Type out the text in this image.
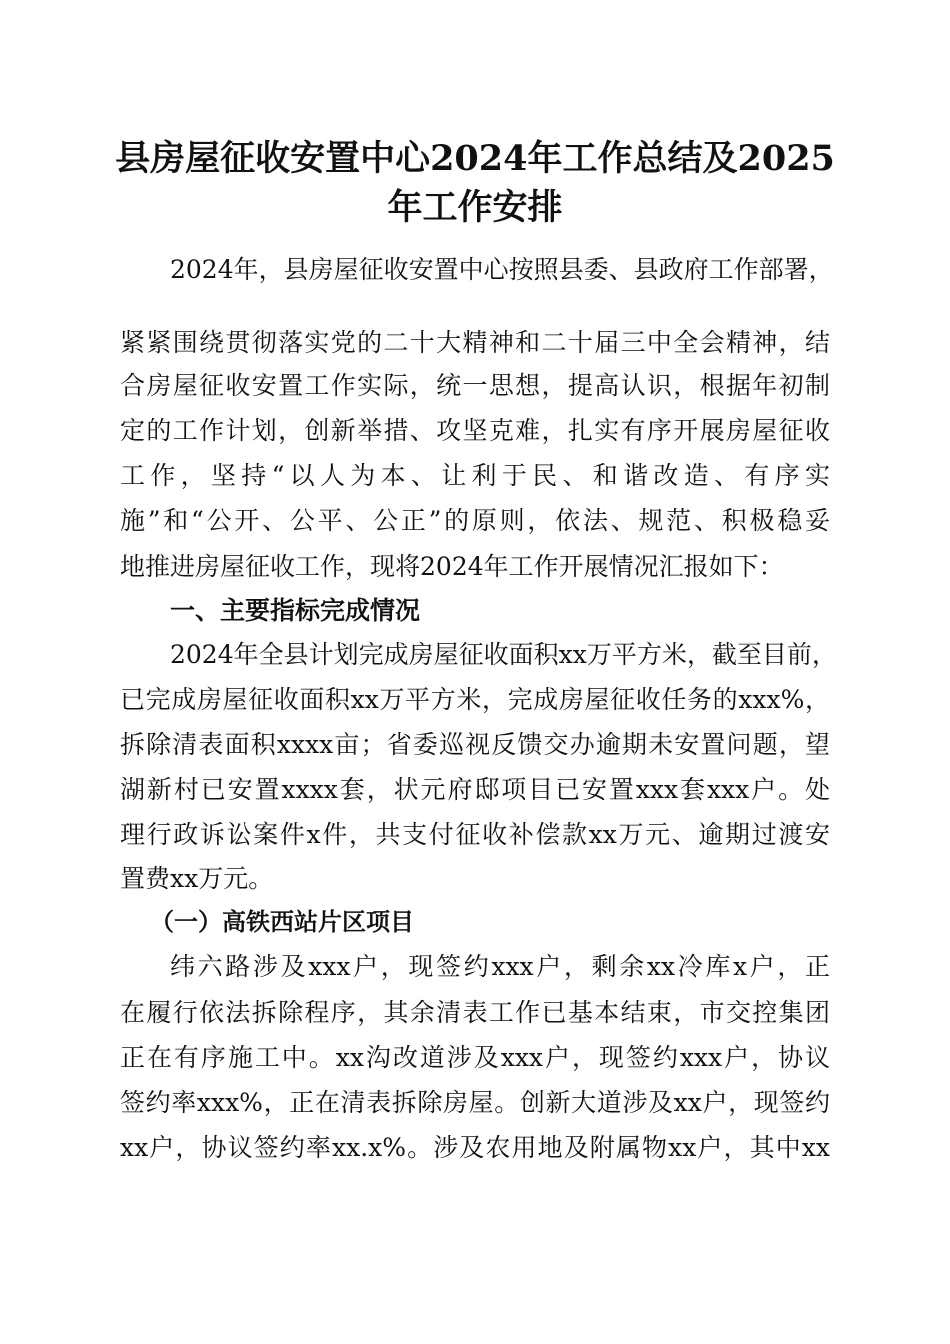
县房屋征收安置中心2024年工作总结及2025
年工作安排
2024年，县房屋征收安置中心按照县委、县政府工作部署，
紧紧围绕贯彻落实党的二十大精神和二十届三中全会精神，结
合房屋征收安置工作实际，统一思想，提高认识，根据年初制
定的工作计划，创新举措、攻坚克难，扎实有序开展房屋征收
工作，坚持“以人为本、让利于民、和谐改造、有序实
施”和“公开、公平、公正”的原则，依法、规范、积极稳妥
地推进房屋征收工作，现将2024年工作开展情况汇报如下：
一、主要指标完成情况
2024年全县计划完成房屋征收面积xx万平方米，截至目前，
已完成房屋征收面积xx万平方米，完成房屋征收任务的xxx%，
拆除清表面积xxxx亩；省委巡视反馈交办逾期未安置问题，望
湖新村已安置xxxx套，状元府邸项目已安置xxx套xxx户。处
理行政诉讼案件x件，共支付征收补偿款xx万元、逾期过渡安
置费xx万元。
（一）高铁西站片区项目
纬六路涉及xxx户，现签约xxx户，剩余xx冷库x户，正
在履行依法拆除程序，其余清表工作已基本结束，市交控集团
正在有序施工中。xx沟改道涉及xxx户，现签约xxx户，协议
签约率xxx%，正在清表拆除房屋。创新大道涉及xx户，现签约
xx户，协议签约率xx.x%。涉及农用地及附属物xx户，其中xx
